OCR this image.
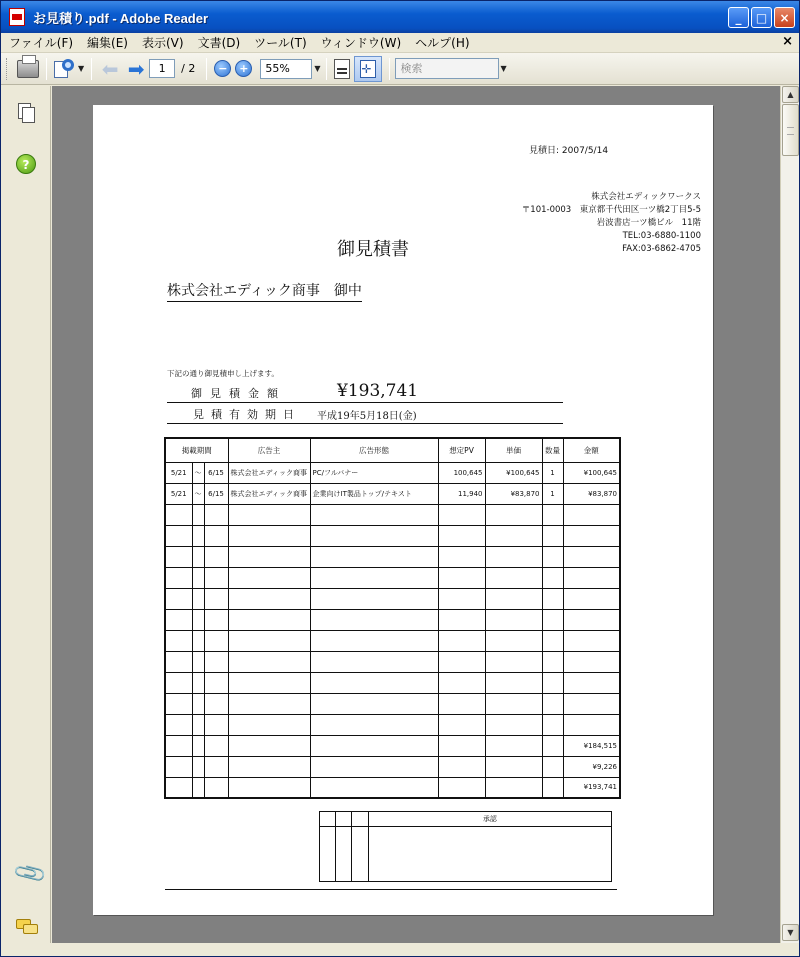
お見積り.pdf - Adobe Reader	_	□	×
ファイル(F)	編集(E)	表示(V)	文書(D)	ツール(T)	ウィンドウ(W)	ヘルプ(H)	×
▼ ⬅ ➡	1	/ 2	−	+	55%	▼ ✛	検索	▼
?
📎
見積日: 2007/5/14
株式会社エディックワークス
〒101-0003　東京都千代田区一ツ橋2丁目5-5
岩波書店一ツ橋ビル　11階
TEL:03-6880-1100
FAX:03-6862-4705
御見積書
株式会社エディック商事　御中
下記の通り御見積申し上げます。
御見積金額	¥193,741
見積有効期日 平成19年5月18日(金)
掲載期間			広告主	広告形態	想定PV	単価	数量	金額
5/21	～	6/15	株式会社エディック商事	PC/フルバナー	100,645	¥100,645	1	¥100,645
5/21	～	6/15	株式会社エディック商事	企業向けIT製品トップ/テキスト	11,940	¥83,870	1	¥83,870

								¥184,515
								¥9,226
								¥193,741
			承認

▲
▼
